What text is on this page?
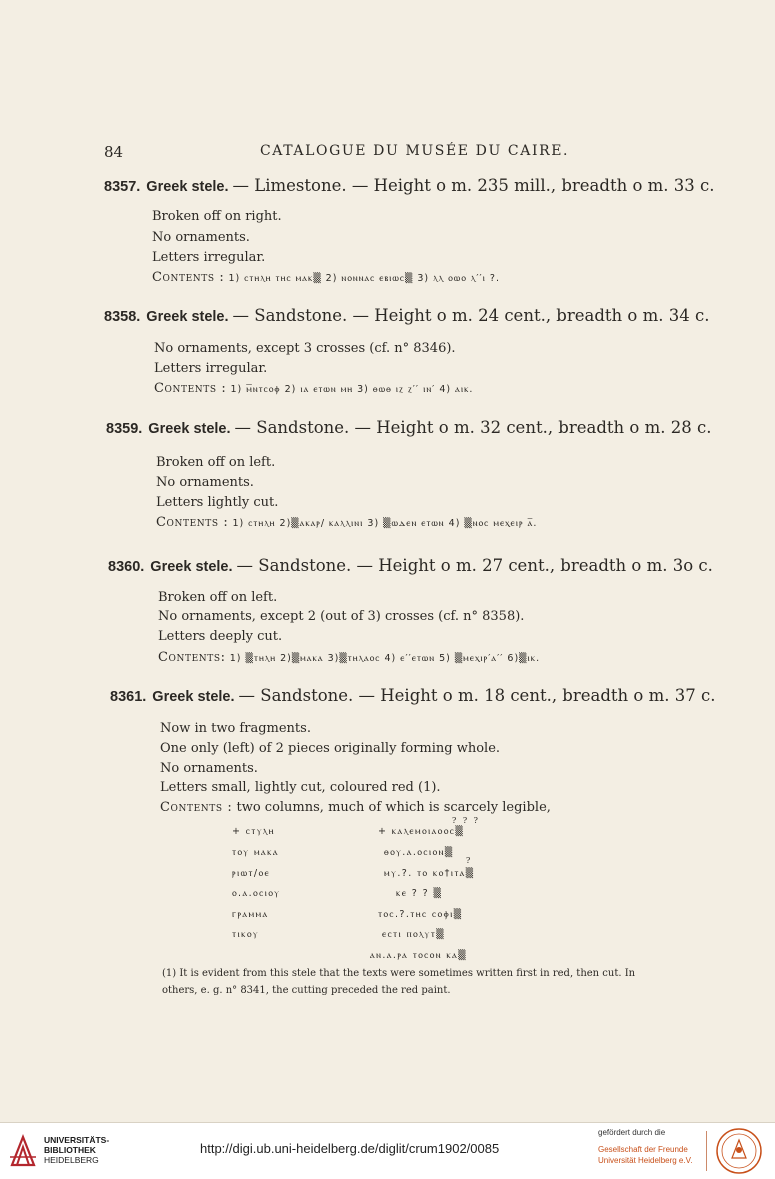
84	CATALOGUE DU MUSÉE DU CAIRE.
8357. Greek stele. — Limestone. — Height o m. 235 mill., breadth o m. 33 c.
Broken off on right.
No ornaments.
Letters irregular.
Contents : 1) ⲥⲧⲏⲗⲏ ⲧⲏⲥ ⲙⲁⲕ▒ 2) ⲛⲟⲛⲛⲁⲥ ⲉⲃⲓⲱⲥ▒ 3) ⲗⲗ ⲟⲱⲟ ⲗ′′ⲓ ?.
8358. Greek stele. — Sandstone. — Height o m. 24 cent., breadth o m. 34 c.
No ornaments, except 3 crosses (cf. n° 8346).
Letters irregular.
Contents : 1) ⲙ̅ⲛⲧⲥⲟⲫ 2) ⲓⲁ ⲉⲧⲱⲛ ⲙⲏ 3) ⲑⲱⲑ ⲓⲍ ⲍ′′ ⲓⲛ′ 4) ⲁⲓⲕ.
8359. Greek stele. — Sandstone. — Height o m. 32 cent., breadth o m. 28 c.
Broken off on left.
No ornaments.
Letters lightly cut.
Contents : 1) ⲥⲧⲏⲗⲏ 2)▒ⲁⲕⲁⲣ/ ⲕⲁⲗⲗⲓⲛⲓ 3) ▒ⲱⲇⲉⲛ ⲉⲧⲱⲛ 4) ▒ⲛⲟⲥ ⲙⲉⲭⲉⲓⲣ ⲁ̅.
8360. Greek stele. — Sandstone. — Height o m. 27 cent., breadth o m. 3o c.
Broken off on left.
No ornaments, except 2 (out of 3) crosses (cf. n° 8358).
Letters deeply cut.
Contents: 1) ▒ⲧⲏⲗⲏ 2)▒ⲙⲁⲕⲁ 3)▒ⲧⲏⲗⲁⲟⲥ 4) ⲉ′′ⲉⲧⲱⲛ 5) ▒ⲙⲉⲭⲓⲣ′ⲁ′′ 6)▒ⲓⲕ.
8361. Greek stele. — Sandstone. — Height o m. 18 cent., breadth o m. 37 c.
Now in two fragments.
One only (left) of 2 pieces originally forming whole.
No ornaments.
Letters small, lightly cut, coloured red (1).
Contents : two columns, much of which is scarcely legible,
? ? ?
?
+ ⲥⲧⲩⲗⲏ
ⲧⲟⲩ ⲙⲁⲕⲁ
ⲣⲓⲱⲧ/ⲟⲉ
ⲟ.ⲁ.ⲟⲥⲓⲟⲩ
ⲅⲣⲁⲙⲙⲁ
ⲧⲓⲕⲟⲩ
+ ⲕⲁⲗⲉⲙⲟⲓⲁⲟⲟⲥ▒
ⲑⲟⲩ.ⲁ.ⲟⲥⲓⲟⲛ▒
ⲙⲩ.?. ⲧⲟ ⲕⲟ†ⲓⲧⲁ▒
ⲕⲉ ? ? ▒
ⲧⲟⲥ.?.ⲧⲏⲥ ⲥⲟⲫⲓ▒
ⲉⲥⲧⲓ ⲡⲟⲗⲩⲧ▒
ⲁⲛ.ⲁ.ⲣⲁ ⲧⲟⲥⲟⲛ ⲕⲁ▒
(1) It is evident from this stele that the texts were sometimes written first in red, then cut. In others, e. g. n° 8341, the cutting preceded the red paint.
UNIVERSITÄTS-
BIBLIOTHEK
HEIDELBERG
http://digi.ub.uni-heidelberg.de/diglit/crum1902/0085
gefördert durch die
Gesellschaft der Freunde
Universität Heidelberg e.V.
